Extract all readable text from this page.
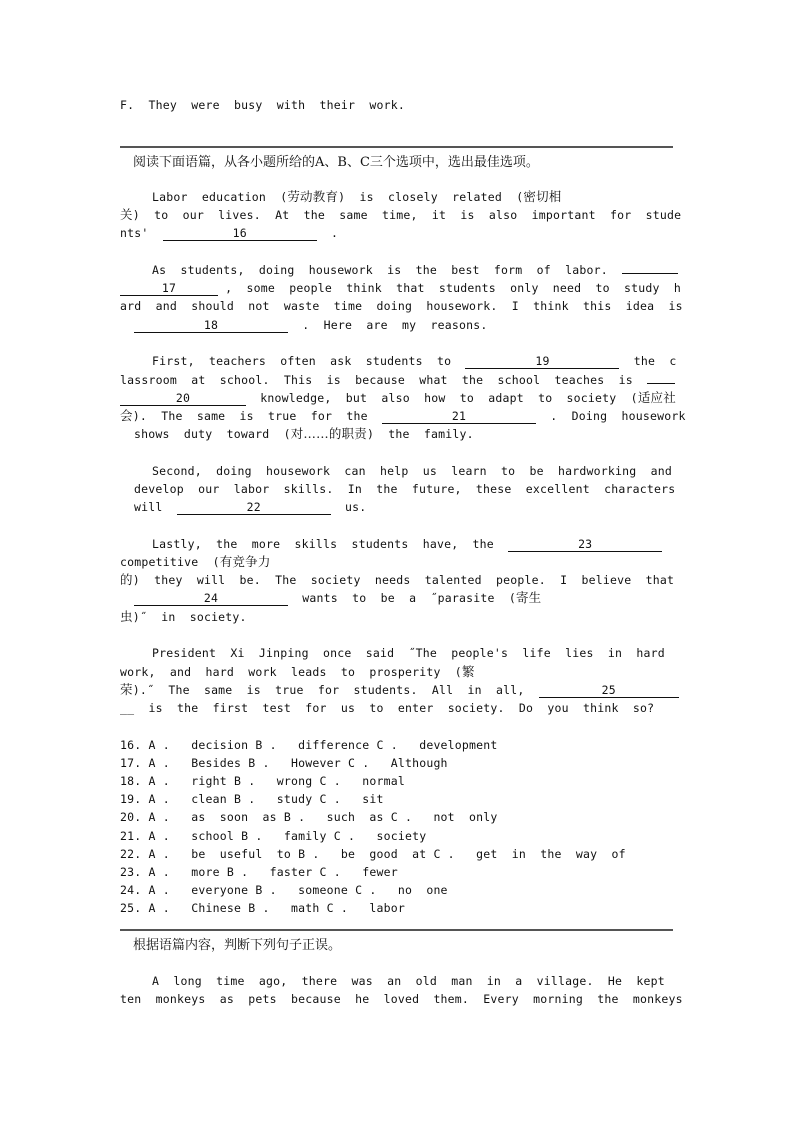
F.  They  were  busy  with  their  work.
阅读下面语篇，从各小题所给的A、B、C三个选项中，选出最佳选项。
Labor  education  (劳动教育)  is  closely  related  (密切相
关)  to  our  lives.  At  the  same  time,  it  is  also  important  for  stude
nts'	16	.
As  students,  doing  housework  is  the  best  form  of  labor.
17	,  some  people  think  that  students  only  need  to  study  h
ard  and  should  not  waste  time  doing  housework.  I  think  this  idea  is
18	.  Here  are  my  reasons.
First,  teachers  often  ask  students  to	19	the  c
lassroom  at  school.  This  is  because  what  the  school  teaches  is
20	knowledge,  but  also  how  to  adapt  to  society  (适应社
会).  The  same  is  true  for  the	21	.  Doing  housework
shows  duty  toward  (对……的职责)  the  family.
Second,  doing  housework  can  help  us  learn  to  be  hardworking  and
develop  our  labor  skills.  In  the  future,  these  excellent  characters
will	22	us.
Lastly,  the  more  skills  students  have,  the	23
competitive  (有竞争力
的)  they  will  be.  The  society  needs  talented  people.  I  believe  that
24	wants  to  be  a  ˝parasite  (寄生
虫)˝  in  society.
President  Xi  Jinping  once  said  ˝The  people's  life  lies  in  hard
work,  and  hard  work  leads  to  prosperity  (繁
荣).˝  The  same  is  true  for  students.  All  in  all,	25
__  is  the  first  test  for  us  to  enter  society.  Do  you  think  so?
16. A .   decision B .   difference C .   development
17. A .   Besides B .   However C .   Although
18. A .   right B .   wrong C .   normal
19. A .   clean B .   study C .   sit
20. A .   as  soon  as B .   such  as C .   not  only
21. A .   school B .   family C .   society
22. A .   be  useful  to B .   be  good  at C .   get  in  the  way  of
23. A .   more B .   faster C .   fewer
24. A .   everyone B .   someone C .   no  one
25. A .   Chinese B .   math C .   labor
根据语篇内容，判断下列句子正误。
A  long  time  ago,  there  was  an  old  man  in  a  village.  He  kept
ten  monkeys  as  pets  because  he  loved  them.  Every  morning  the  monkeys
